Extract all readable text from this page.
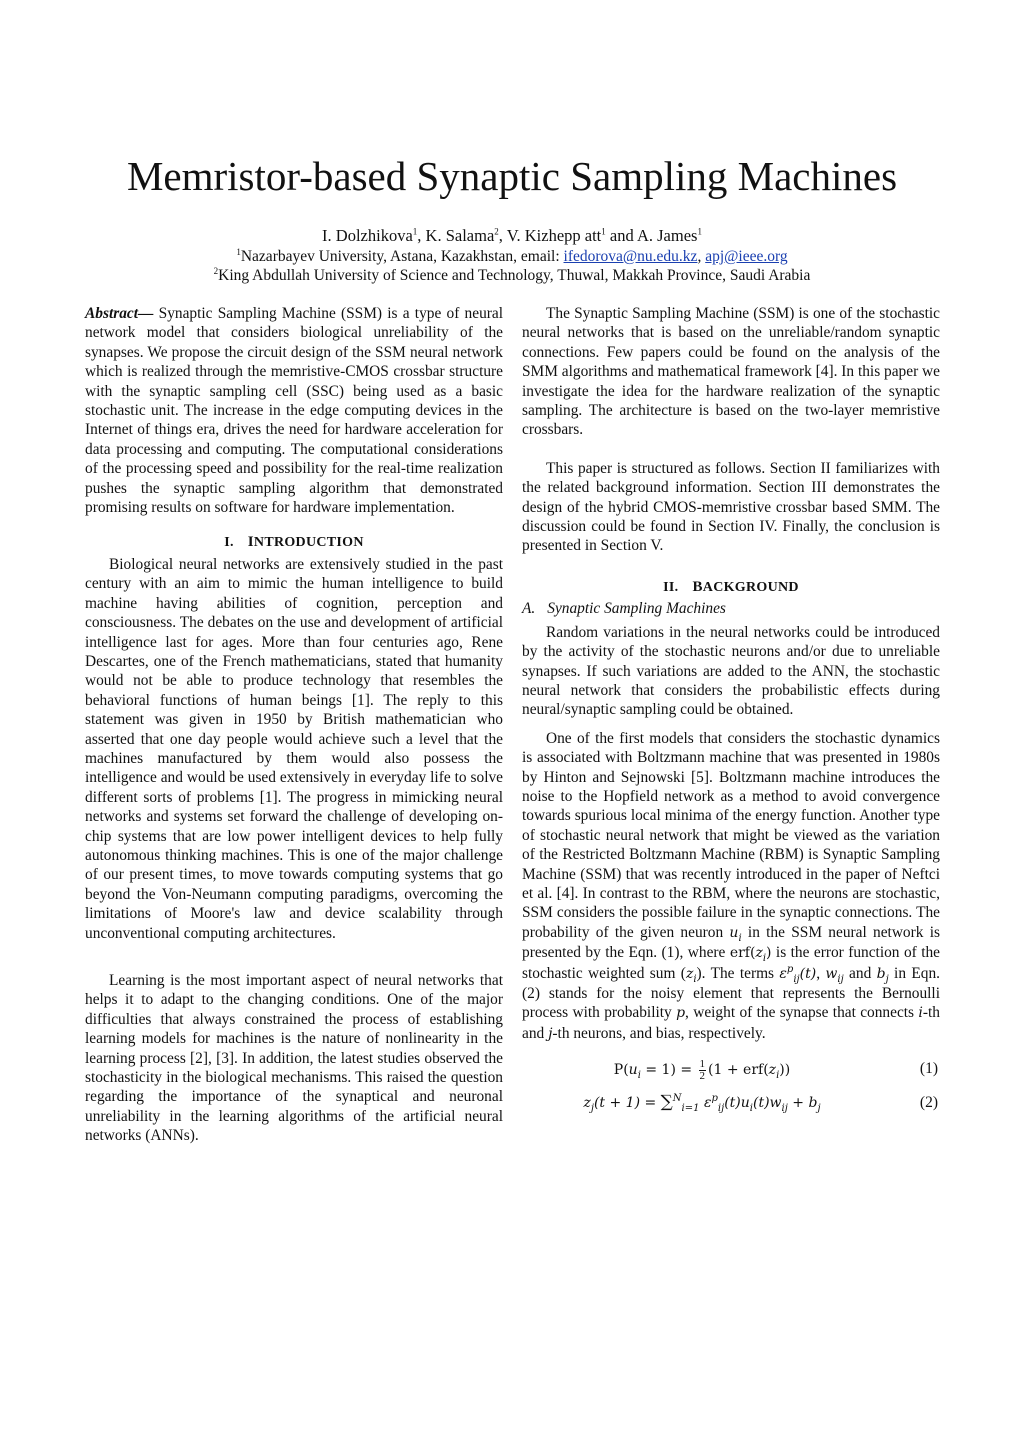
Memristor-based Synaptic Sampling Machines
I. Dolzhikova$^1$, K. Salama$^2$, V. Kizhepp att$^1$ and A. James$^1$
$^1$Nazarbayev University, Astana, Kazakhstan, email: ifedorova@nu.edu.kz, apj@ieee.org
$^2$King Abdullah University of Science and Technology, Thuwal, Makkah Province, Saudi Arabia

Abstract— Synaptic Sampling Machine (SSM) is a type of neural network model that considers biological unreliability of the synapses. We propose the circuit design of the SSM neural network which is realized through the memristive-CMOS crossbar structure with the synaptic sampling cell (SSC) being used as a basic stochastic unit. The increase in the edge computing devices in the Internet of things era, drives the need for hardware acceleration for data processing and computing. The computational considerations of the processing speed and possibility for the real-time realization pushes the synaptic sampling algorithm that demonstrated promising results on software for hardware implementation.

I. INTRODUCTION

Biological neural networks are extensively studied in the past century with an aim to mimic the human intelligence to build machine having abilities of cognition, perception and consciousness. The debates on the use and development of artificial intelligence last for ages. More than four centuries ago, Rene Descartes, one of the French mathematicians, stated that humanity would not be able to produce technology that resembles the behavioral functions of human beings [1]. The reply to this statement was given in 1950 by British mathematician who asserted that one day people would achieve such a level that the machines manufactured by them would also possess the intelligence and would be used extensively in everyday life to solve different sorts of problems [1]. The progress in mimicking neural networks and systems set forward the challenge of developing on-chip systems that are low power intelligent devices to help fully autonomous thinking machines. This is one of the major challenge of our present times, to move towards computing systems that go beyond the Von-Neumann computing paradigms, overcoming the limitations of Moore's law and device scalability through unconventional computing architectures.

Learning is the most important aspect of neural networks that helps it to adapt to the changing conditions. One of the major difficulties that always constrained the process of establishing learning models for machines is the nature of nonlinearity in the learning process [2], [3]. In addition, the latest studies observed the stochasticity in the biological mechanisms. This raised the question regarding the importance of the synaptical and neuronal unreliability in the learning algorithms of the artificial neural networks (ANNs).

The Synaptic Sampling Machine (SSM) is one of the stochastic neural networks that is based on the unreliable/random synaptic connections. Few papers could be found on the analysis of the SMM algorithms and mathematical framework [4]. In this paper we investigate the idea for the hardware realization of the synaptic sampling. The architecture is based on the two-layer memristive crossbars.

This paper is structured as follows. Section II familiarizes with the related background information. Section III demonstrates the design of the hybrid CMOS-memristive crossbar based SMM. The discussion could be found in Section IV. Finally, the conclusion is presented in Section V.

II. BACKGROUND
A. Synaptic Sampling Machines

Random variations in the neural networks could be introduced by the activity of the stochastic neurons and/or due to unreliable synapses. If such variations are added to the ANN, the stochastic neural network that considers the probabilistic effects during neural/synaptic sampling could be obtained.

One of the first models that considers the stochastic dynamics is associated with Boltzmann machine that was presented in 1980s by Hinton and Sejnowski [5]. Boltzmann machine introduces the noise to the Hopfield network as a method to avoid convergence towards spurious local minima of the energy function. Another type of stochastic neural network that might be viewed as the variation of the Restricted Boltzmann Machine (RBM) is Synaptic Sampling Machine (SSM) that was recently introduced in the paper of Neftci et al. [4]. In contrast to the RBM, where the neurons are stochastic, SSM considers the possible failure in the synaptic connections. The probability of the given neuron $u_i$ in the SSM neural network is presented by the Eqn. (1), where $erf(z_i)$ is the error function of the stochastic weighted sum $(z_i)$. The terms $\varepsilon^p_{ij}(t)$, $w_{ij}$ and $b_j$ in Eqn. (2) stands for the noisy element that represents the Bernoulli process with probability p, weight of the synapse that connects i-th and j-th neurons, and bias, respectively.

$P(u_i = 1) = \frac{1}{2} (1 + erf(z_i))$	(1)
$z_j(t + 1) = \sum^N_{i=1}$ $\varepsilon^p_{ij}(t)u_i(t)w_{ij} + b_j$	(2)
